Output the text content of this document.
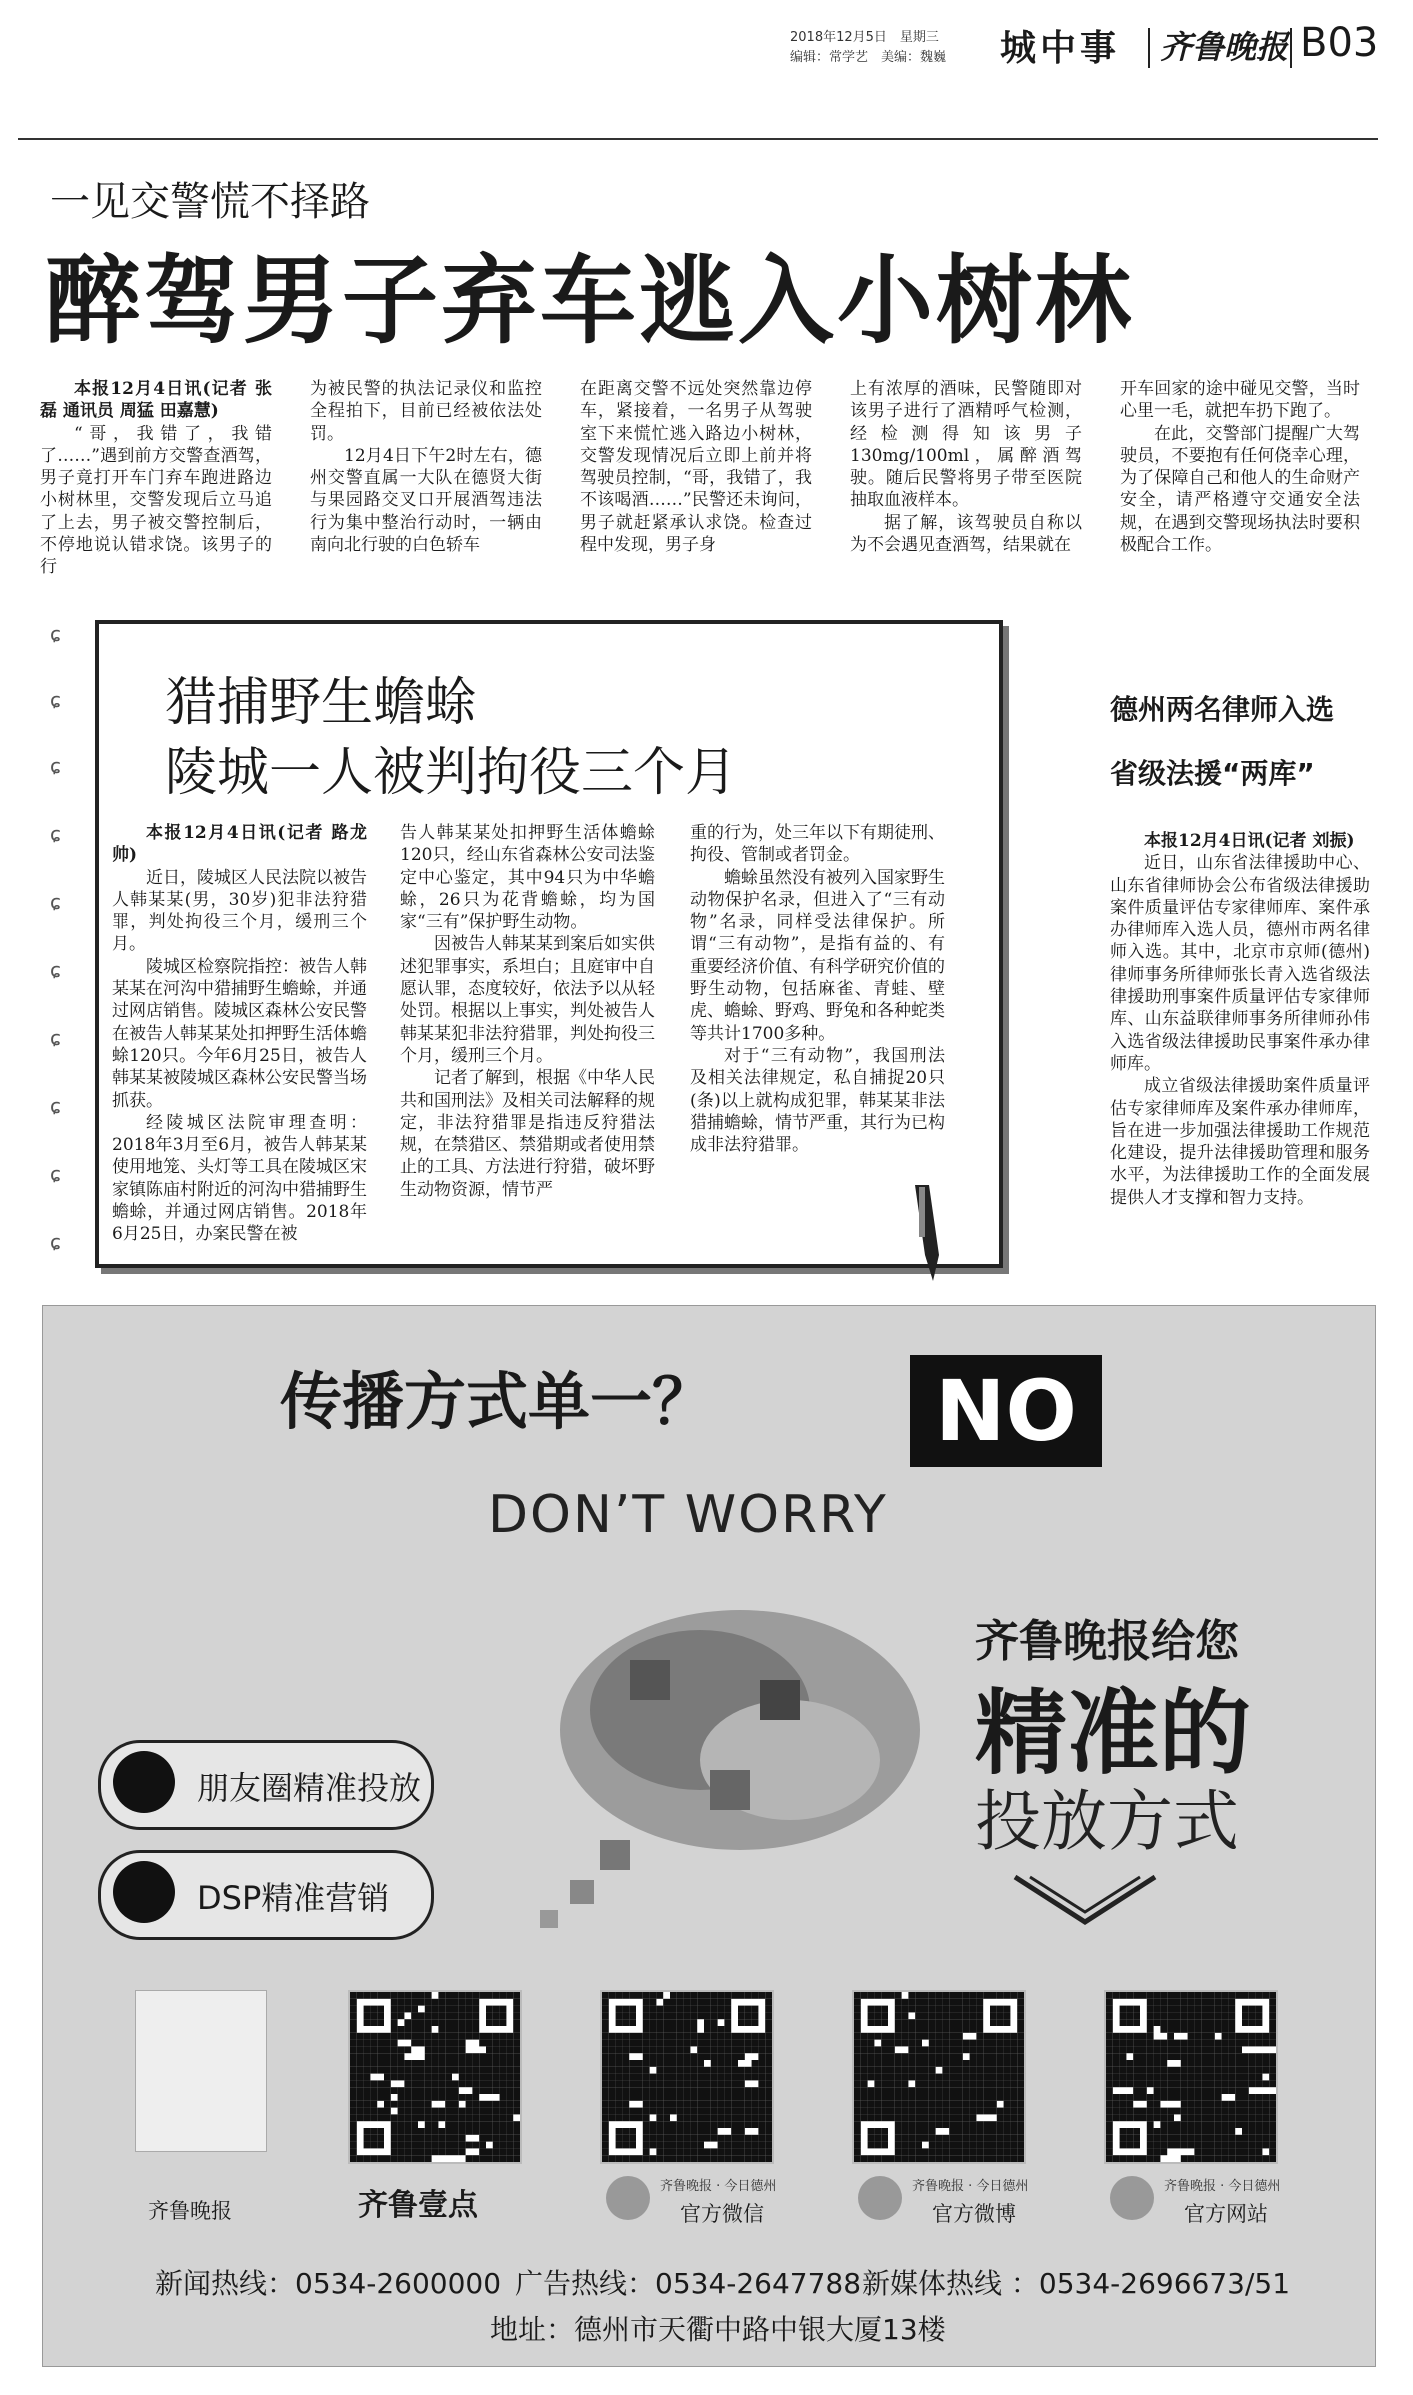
2018年12月5日　星期三
编辑：常学艺　美编：魏巍	城中事 齐鲁晚报 B03
一见交警慌不择路
醉驾男子弃车逃入小树林

本报12月4日讯(记者 张磊 通讯员 周猛 田嘉慧)

“哥，我错了，我错了……”遇到前方交警查酒驾，男子竟打开车门弃车跑进路边小树林里，交警发现后立马追了上去，男子被交警控制后，不停地说认错求饶。该男子的行

为被民警的执法记录仪和监控全程拍下，目前已经被依法处罚。

12月4日下午2时左右，德州交警直属一大队在德贤大街与果园路交叉口开展酒驾违法行为集中整治行动时，一辆由南向北行驶的白色轿车

在距离交警不远处突然靠边停车，紧接着，一名男子从驾驶室下来慌忙逃入路边小树林，交警发现情况后立即上前并将驾驶员控制，“哥，我错了，我不该喝酒……”民警还未询问，男子就赶紧承认求饶。检查过程中发现，男子身

上有浓厚的酒味，民警随即对该男子进行了酒精呼气检测，经检测得知该男子130mg/100ml，属醉酒驾驶。随后民警将男子带至医院抽取血液样本。

据了解，该驾驶员自称以为不会遇见查酒驾，结果就在

开车回家的途中碰见交警，当时心里一毛，就把车扔下跑了。

在此，交警部门提醒广大驾驶员，不要抱有任何侥幸心理，为了保障自己和他人的生命财产安全，请严格遵守交通安全法规，在遇到交警现场执法时要积极配合工作。

ɕ
ɕ
ɕ
ɕ
ɕ
ɕ
ɕ
ɕ
ɕ
ɕ
猎捕野生蟾蜍
陵城一人被判拘役三个月

本报12月4日讯(记者 路龙帅)

近日，陵城区人民法院以被告人韩某某(男，30岁)犯非法狩猎罪，判处拘役三个月，缓刑三个月。

陵城区检察院指控：被告人韩某某在河沟中猎捕野生蟾蜍，并通过网店销售。陵城区森林公安民警在被告人韩某某处扣押野生活体蟾蜍120只。今年6月25日，被告人韩某某被陵城区森林公安民警当场抓获。

经陵城区法院审理查明：2018年3月至6月，被告人韩某某使用地笼、头灯等工具在陵城区宋家镇陈庙村附近的河沟中猎捕野生蟾蜍，并通过网店销售。2018年6月25日，办案民警在被

告人韩某某处扣押野生活体蟾蜍120只，经山东省森林公安司法鉴定中心鉴定，其中94只为中华蟾蜍，26只为花背蟾蜍，均为国家“三有”保护野生动物。

因被告人韩某某到案后如实供述犯罪事实，系坦白；且庭审中自愿认罪，态度较好，依法予以从轻处罚。根据以上事实，判处被告人韩某某犯非法狩猎罪，判处拘役三个月，缓刑三个月。

记者了解到，根据《中华人民共和国刑法》及相关司法解释的规定，非法狩猎罪是指违反狩猎法规，在禁猎区、禁猎期或者使用禁止的工具、方法进行狩猎，破坏野生动物资源，情节严

重的行为，处三年以下有期徒刑、拘役、管制或者罚金。

蟾蜍虽然没有被列入国家野生动物保护名录，但进入了“三有动物”名录，同样受法律保护。所谓“三有动物”，是指有益的、有重要经济价值、有科学研究价值的野生动物，包括麻雀、青蛙、壁虎、蟾蜍、野鸡、野兔和各种蛇类等共计1700多种。

对于“三有动物”，我国刑法及相关法律规定，私自捕捉20只(条)以上就构成犯罪，韩某某非法猎捕蟾蜍，情节严重，其行为已构成非法狩猎罪。

德州两名律师入选
省级法援“两库”

本报12月4日讯(记者 刘振)

近日，山东省法律援助中心、山东省律师协会公布省级法律援助案件质量评估专家律师库、案件承办律师库入选人员，德州市两名律师入选。其中，北京市京师(德州)律师事务所律师张长青入选省级法律援助刑事案件质量评估专家律师库、山东益联律师事务所律师孙伟入选省级法律援助民事案件承办律师库。

成立省级法律援助案件质量评估专家律师库及案件承办律师库，旨在进一步加强法律援助工作规范化建设，提升法律援助管理和服务水平，为法律援助工作的全面发展提供人才支撑和智力支持。

传播方式单一？	NO
DON’T WORRY
齐鲁晚报给您
精准的
投放方式
朋友圈精准投放
DSP精准营销
齐鲁晚报	齐鲁壹点
齐鲁晚报 · 今日德州
官方微信
齐鲁晚报 · 今日德州
官方微博
齐鲁晚报 · 今日德州
官方网站
新闻热线：0534-2600000 广告热线：0534-2647788 新媒体热线 ：0534-2696673/51
地址：德州市天衢中路中银大厦13楼
